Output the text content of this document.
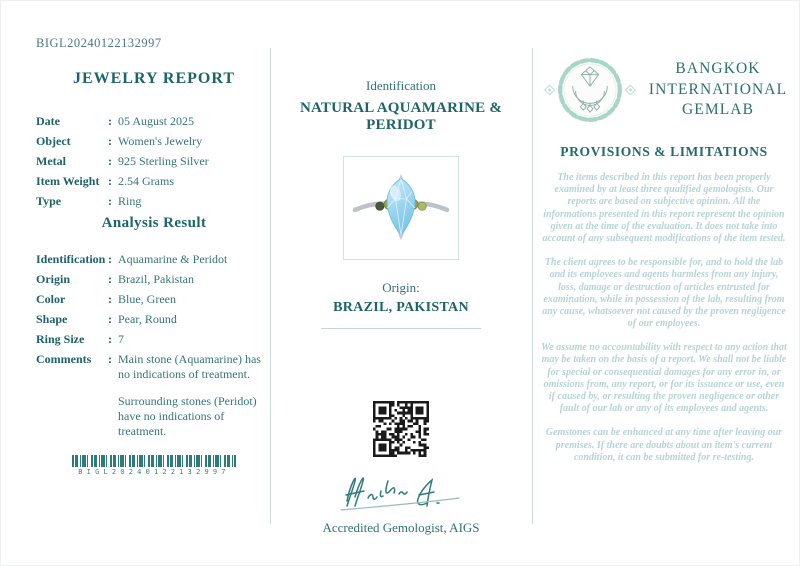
BIGL20240122132997
JEWELRY REPORT
Date	: 05 August 2025
Object	: Women's Jewelry
Metal	: 925 Sterling Silver
Item Weight : 2.54 Grams
Type	: Ring
Analysis Result
Identification : Aquamarine & Peridot
Origin	: Brazil, Pakistan
Color	: Blue, Green
Shape	: Pear, Round
Ring Size	: 7
Comments	: Main stone (Aquamarine) has no indications of treatment.
Surrounding stones (Peridot) have no indications of treatment.
BIGL20240122132997
Identification
NATURAL AQUAMARINE & PERIDOT
Origin:
BRAZIL, PAKISTAN
Accredited Gemologist, AIGS
BANGKOK
INTERNATIONAL
GEMLAB
PROVISIONS & LIMITATIONS
The items described in this report has been properly examined by at least three qualified gemologists. Our reports are based on subjective opinion. All the informations presented in this report represent the opinion given at the time of the evaluation. It does not take into account of any subsequent modifications of the item tested.
The client agrees to be responsible for, and to hold the lab and its employees and agents harmless from any injury, loss, damage or destruction of articles entrusted for examination, while in possession of the lab, resulting from any cause, whatsoever not caused by the proven negligence of our employees.
We assume no accountability with respect to any action that may be taken on the basis of a report. We shall not be liable for special or consequential damages for any error in, or omissions from, any report, or for its issuance or use, even if caused by, or resulting the proven negligence or other fault of our lab or any of its employees and agents.
Gemstones can be enhanced at any time after leaving our premises. If there are doubts about an item's current condition, it can be submitted for re-testing.
